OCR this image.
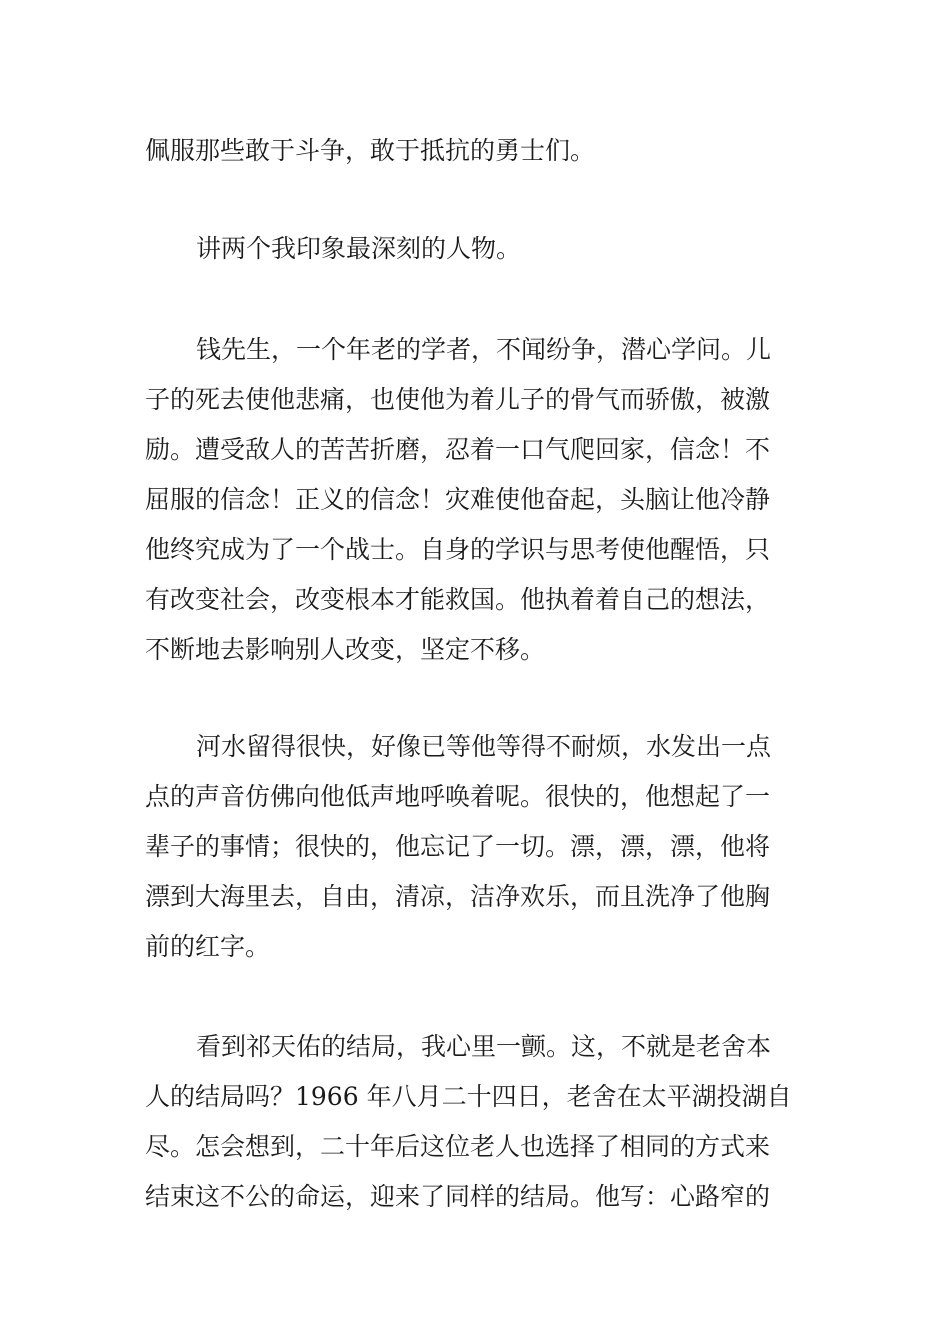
佩服那些敢于斗争，敢于抵抗的勇士们。
讲两个我印象最深刻的人物。
钱先生，一个年老的学者，不闻纷争，潜心学问。儿
子的死去使他悲痛，也使他为着儿子的骨气而骄傲，被激
励。遭受敌人的苦苦折磨，忍着一口气爬回家，信念！不
屈服的信念！正义的信念！灾难使他奋起，头脑让他冷静
他终究成为了一个战士。自身的学识与思考使他醒悟，只
有改变社会，改变根本才能救国。他执着着自己的想法，
不断地去影响别人改变，坚定不移。
河水留得很快，好像已等他等得不耐烦，水发出一点
点的声音仿佛向他低声地呼唤着呢。很快的，他想起了一
辈子的事情；很快的，他忘记了一切。漂，漂，漂，他将
漂到大海里去，自由，清凉，洁净欢乐，而且洗净了他胸
前的红字。
看到祁天佑的结局，我心里一颤。这，不就是老舍本
人的结局吗？1966 年八月二十四日，老舍在太平湖投湖自
尽。怎会想到，二十年后这位老人也选择了相同的方式来
结束这不公的命运，迎来了同样的结局。他写：心路窄的
